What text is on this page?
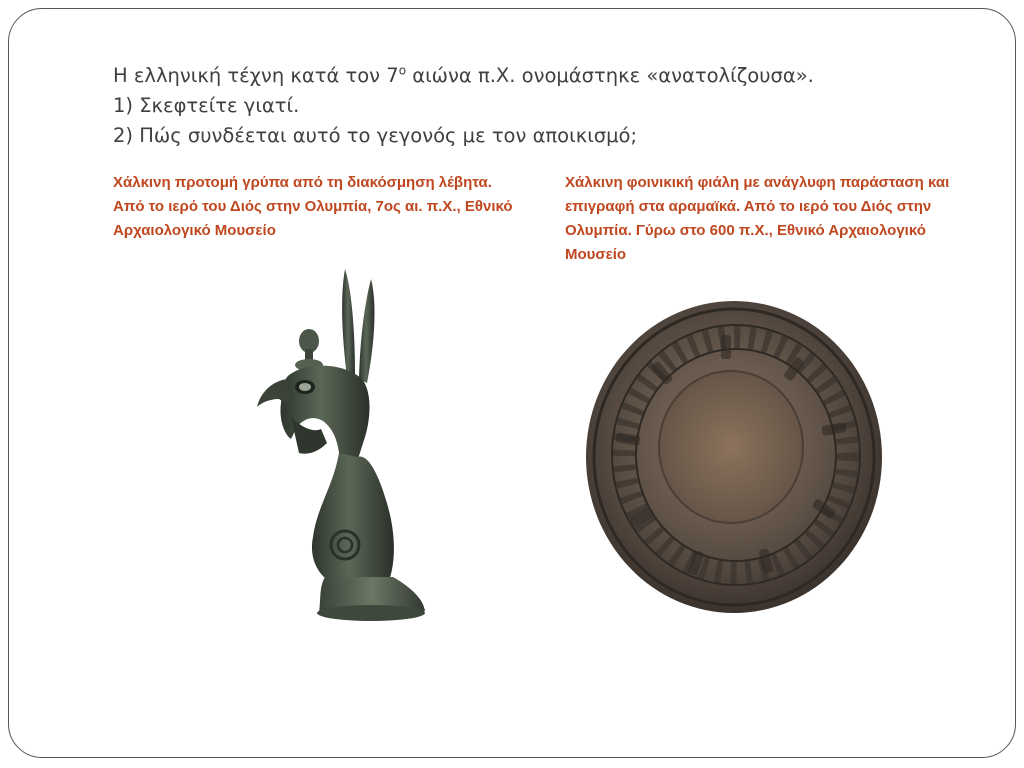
Η ελληνική τέχνη κατά τον $7^o$ αιώνα π.Χ. ονομάστηκε «ανατολίζουσα».
1) Σκεφτείτε γιατί.
2) Πώς συνδέεται αυτό το γεγονός με τον αποικισμό;
Χάλκινη προτομή γρύπα από τη διακόσμηση λέβητα. Από το ιερό του Διός στην Ολυμπία, 7ος αι. π.Χ., Εθνικό Αρχαιολογικό Μουσείο
Χάλκινη φοινικική φιάλη με ανάγλυφη παράσταση και επιγραφή στα αραμαϊκά. Από το ιερό του Διός στην Ολυμπία. Γύρω στο 600 π.Χ., Εθνικό Αρχαιολογικό Μουσείο
